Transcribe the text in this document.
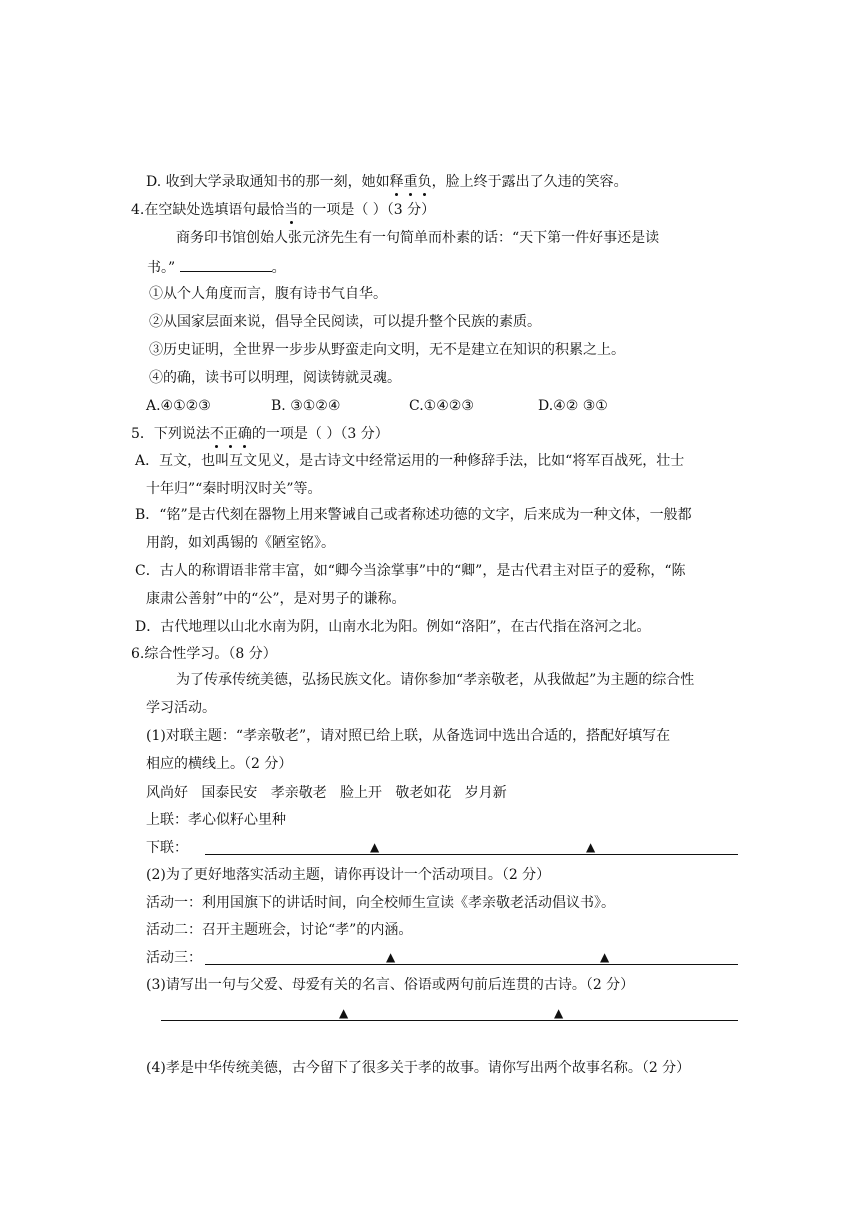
D. 收到大学录取通知书的那一刻，她如释重负，脸上终于露出了久违的笑容。
4.在空缺处选填语句最恰当的一项是（ ）（3 分）
商务印书馆创始人张元济先生有一句简单而朴素的话：“天下第一件好事还是读
书。”	。
①从个人角度而言，腹有诗书气自华。
②从国家层面来说，倡导全民阅读，可以提升整个民族的素质。
③历史证明，全世界一步步从野蛮走向文明，无不是建立在知识的积累之上。
④的确，读书可以明理，阅读铸就灵魂。
A.④①②③	B. ③①②④	C.①④②③	D.④② ③①
5．下列说法不正确的一项是（ ）（3 分）
A．互文，也叫互文见义，是古诗文中经常运用的一种修辞手法，比如“将军百战死，壮士
十年归”“秦时明汉时关”等。
B．“铭”是古代刻在器物上用来警诫自己或者称述功德的文字，后来成为一种文体，一般都
用韵，如刘禹锡的《陋室铭》。
C．古人的称谓语非常丰富，如“卿今当涂掌事”中的“卿”，是古代君主对臣子的爱称，“陈
康肃公善射”中的“公”，是对男子的谦称。
D．古代地理以山北水南为阴，山南水北为阳。例如“洛阳”，在古代指在洛河之北。
6.综合性学习。（8 分）
为了传承传统美德，弘扬民族文化。请你参加“孝亲敬老，从我做起”为主题的综合性
学习活动。
(1)对联主题：“孝亲敬老”，请对照已给上联，从备选词中选出合适的，搭配好填写在
相应的横线上。（2 分）
风尚好   国泰民安   孝亲敬老   脸上开   敬老如花   岁月新
上联：孝心似籽心里种
下联：	▲	▲
(2)为了更好地落实活动主题，请你再设计一个活动项目。（2 分）
活动一：利用国旗下的讲话时间，向全校师生宣读《孝亲敬老活动倡议书》。
活动二：召开主题班会，讨论“孝”的内涵。
活动三：	▲	▲
(3)请写出一句与父爱、母爱有关的名言、俗语或两句前后连贯的古诗。（2 分）
▲	▲
(4)孝是中华传统美德，古今留下了很多关于孝的故事。请你写出两个故事名称。（2 分）
